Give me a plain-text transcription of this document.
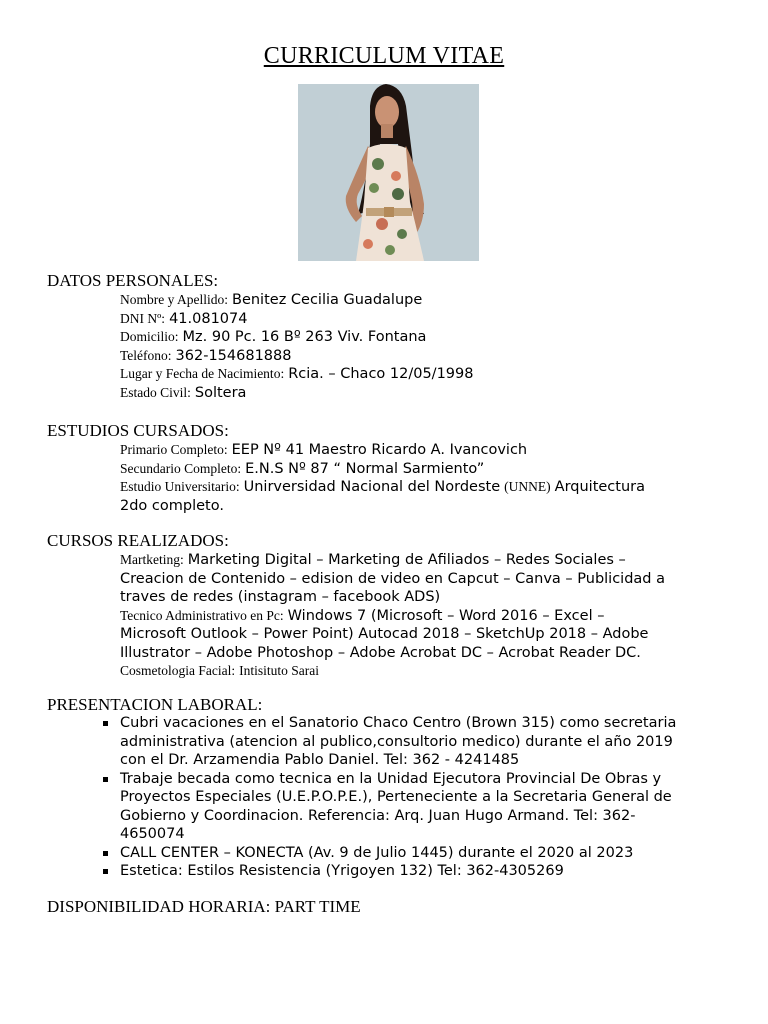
CURRICULUM VITAE
DATOS PERSONALES:
Nombre y Apellido: Benitez Cecilia Guadalupe
DNI Nº: 41.081074
Domicilio: Mz. 90 Pc. 16 Bº 263 Viv. Fontana
Teléfono: 362-154681888
Lugar y Fecha de Nacimiento: Rcia. – Chaco 12/05/1998
Estado Civil: Soltera
ESTUDIOS CURSADOS:
Primario Completo: EEP Nº 41 Maestro Ricardo A. Ivancovich
Secundario Completo: E.N.S Nº 87 “ Normal Sarmiento”
Estudio Universitario: Unirversidad Nacional del Nordeste (UNNE) Arquitectura
2do completo.
CURSOS REALIZADOS:
Martketing: Marketing Digital – Marketing de Afiliados – Redes Sociales –
Creacion de Contenido – edision de video en Capcut – Canva – Publicidad a
traves de redes (instagram – facebook ADS)
Tecnico Administrativo en Pc: Windows 7 (Microsoft – Word 2016 – Excel –
Microsoft Outlook – Power Point) Autocad 2018 – SketchUp 2018 – Adobe
Illustrator – Adobe Photoshop – Adobe Acrobat DC – Acrobat Reader DC.
Cosmetologia Facial: Intisituto Sarai
PRESENTACION LABORAL:
Cubri vacaciones en el Sanatorio Chaco Centro (Brown 315) como secretaria
administrativa (atencion al publico,consultorio medico) durante el año 2019
con el Dr. Arzamendia Pablo Daniel. Tel: 362 - 4241485
Trabaje becada como tecnica en la Unidad Ejecutora Provincial De Obras y
Proyectos Especiales (U.E.P.O.P.E.), Perteneciente a la Secretaria General de
Gobierno y Coordinacion. Referencia: Arq. Juan Hugo Armand. Tel: 362-
4650074
CALL CENTER – KONECTA (Av. 9 de Julio 1445) durante el 2020 al 2023
Estetica: Estilos Resistencia (Yrigoyen 132) Tel: 362-4305269
DISPONIBILIDAD HORARIA: PART TIME
